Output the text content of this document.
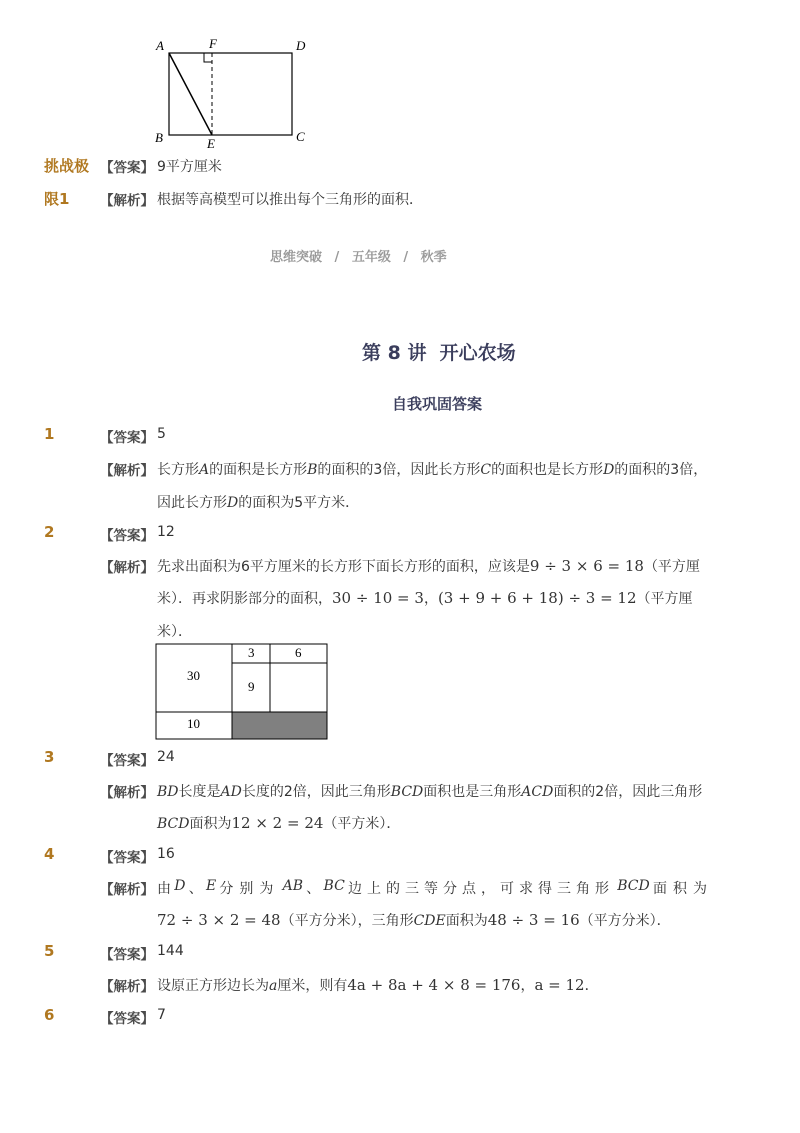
A	F	D
B	E	C
挑战极 【答案】 9平方厘米
限1 【解析】 根据等高模型可以推出每个三角形的面积．
思维突破 / 五年级 / 秋季
第 8 讲  开心农场
自我巩固答案
1	【答案】 5
【解析】 长方形A的面积是长方形B的面积的3倍，因此长方形C的面积也是长方形D的面积的3倍，
因此长方形D的面积为5平方米．
2	【答案】 12
【解析】 先求出面积为6平方厘米的长方形下面长方形的面积，应该是9 ÷ 3 × 6 = 18（平方厘
米）．再求阴影部分的面积，30 ÷ 10 = 3，(3 + 9 + 6 + 18) ÷ 3 = 12（平方厘
米）．
30
3	6
9
10
3	【答案】 24
【解析】 BD长度是AD长度的2倍，因此三角形BCD面积也是三角形ACD面积的2倍，因此三角形
BCD面积为12 × 2 = 24（平方米）．
4	【答案】 16
【解析】 由 D 、 E 分别为 AB 、 BC 边上的三等分点，可求得三角形 BCD 面积为
72 ÷ 3 × 2 = 48（平方分米），三角形CDE面积为48 ÷ 3 = 16（平方分米）．
5	【答案】 144
【解析】 设原正方形边长为a厘米，则有4a + 8a + 4 × 8 = 176，a = 12．
6	【答案】 7
